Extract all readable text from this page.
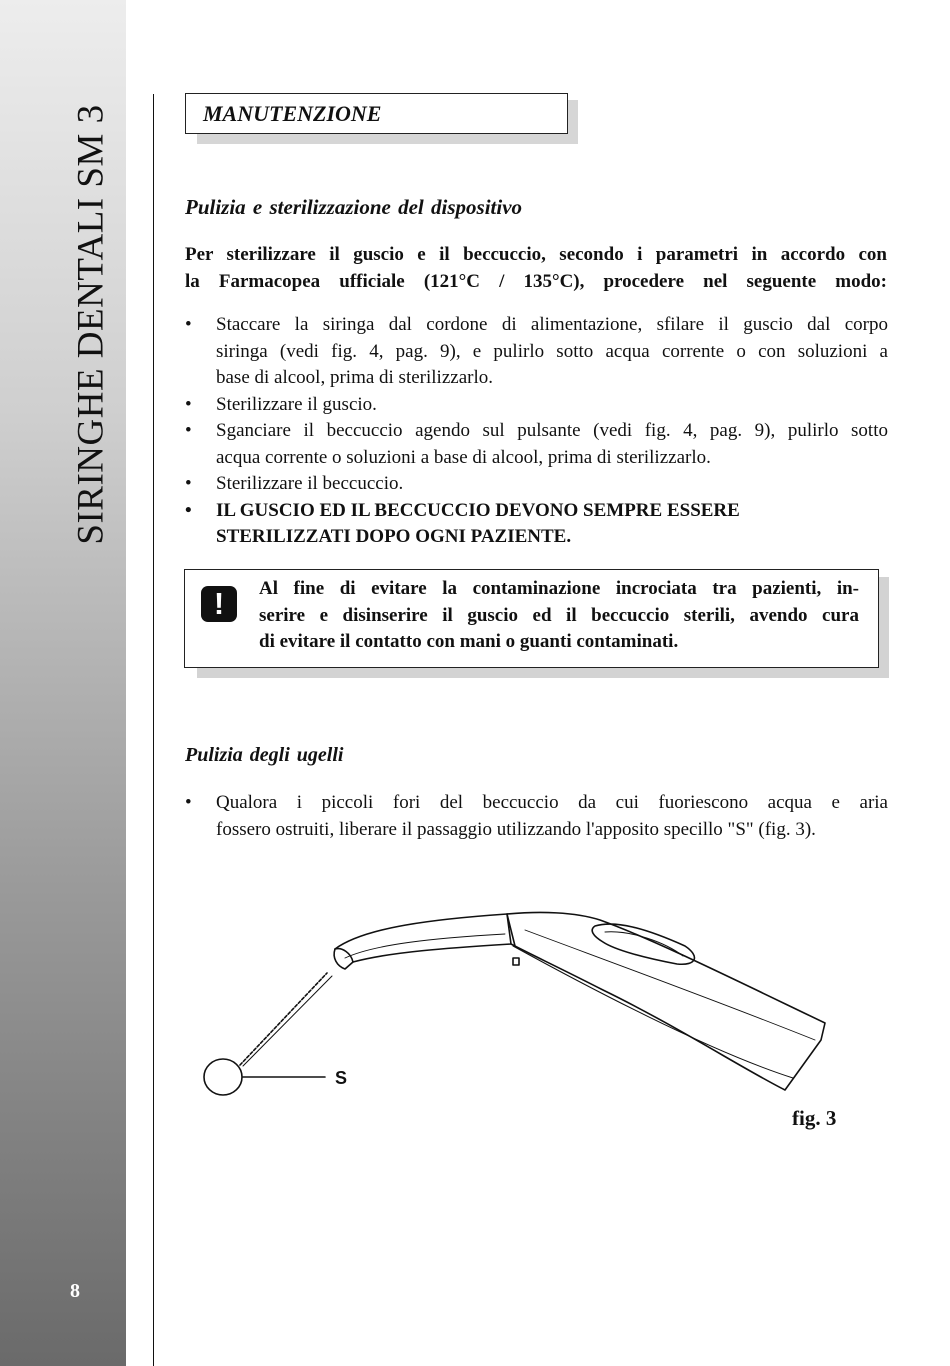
SIRINGHE DENTALI SM 3
8
MANUTENZIONE
Pulizia e sterilizzazione del dispositivo

Per sterilizzare il guscio e il beccuccio, secondo i parametri in accordo con

la Farmacopea ufficiale (121°C / 135°C), procedere nel seguente modo:

• Staccare la siringa dal cordone di alimentazione, sfilare il guscio dal corpo
siringa (vedi fig. 4, pag. 9), e pulirlo sotto acqua corrente o con soluzioni a
base di alcool, prima di sterilizzarlo.
• Sterilizzare il guscio.
• Sganciare il beccuccio agendo sul pulsante (vedi fig. 4, pag. 9), pulirlo sotto
acqua corrente o soluzioni a base di alcool, prima di sterilizzarlo.
• Sterilizzare il beccuccio.
• IL GUSCIO ED IL BECCUCCIO DEVONO SEMPRE ESSERE
STERILIZZATI DOPO OGNI PAZIENTE.
!	Al fine di evitare la contaminazione incrociata tra pazienti, in-
serire e disinserire il guscio ed il beccuccio sterili, avendo cura
di evitare il contatto con mani o guanti contaminati.
Pulizia degli ugelli
• Qualora i piccoli fori del beccuccio da cui fuoriescono acqua e aria
fossero ostruiti, liberare il passaggio utilizzando l'apposito specillo "S" (fig. 3).
S
fig. 3
